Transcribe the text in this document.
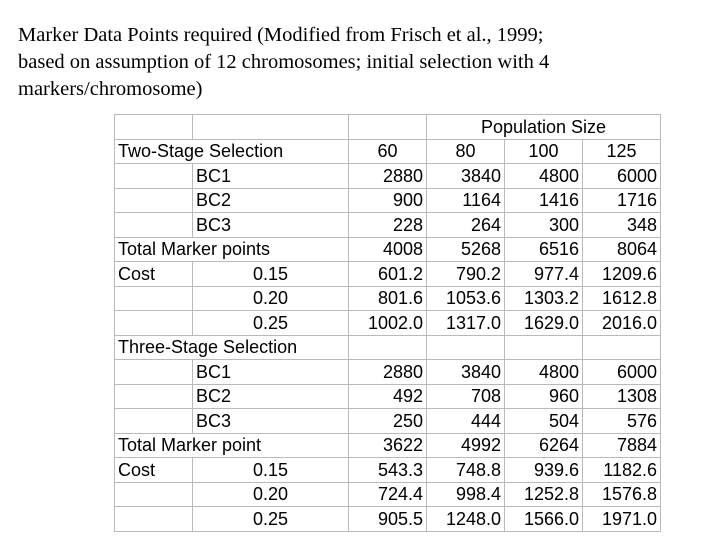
Marker Data Points required (Modified from Frisch et al., 1999;
based on assumption of 12 chromosomes; initial selection with 4
markers/chromosome)
			Population Size		
Two-Stage Selection		60	80	100	125
	BC1	2880	3840	4800	6000
	BC2	900	1164	1416	1716
	BC3	228	264	300	348
Total Marker points		4008	5268	6516	8064
Cost	0.15	601.2	790.2	977.4	1209.6
	0.20	801.6	1053.6	1303.2	1612.8
	0.25	1002.0	1317.0	1629.0	2016.0
Three-Stage Selection					
	BC1	2880	3840	4800	6000
	BC2	492	708	960	1308
	BC3	250	444	504	576
Total Marker point		3622	4992	6264	7884
Cost	0.15	543.3	748.8	939.6	1182.6
	0.20	724.4	998.4	1252.8	1576.8
	0.25	905.5	1248.0	1566.0	1971.0
